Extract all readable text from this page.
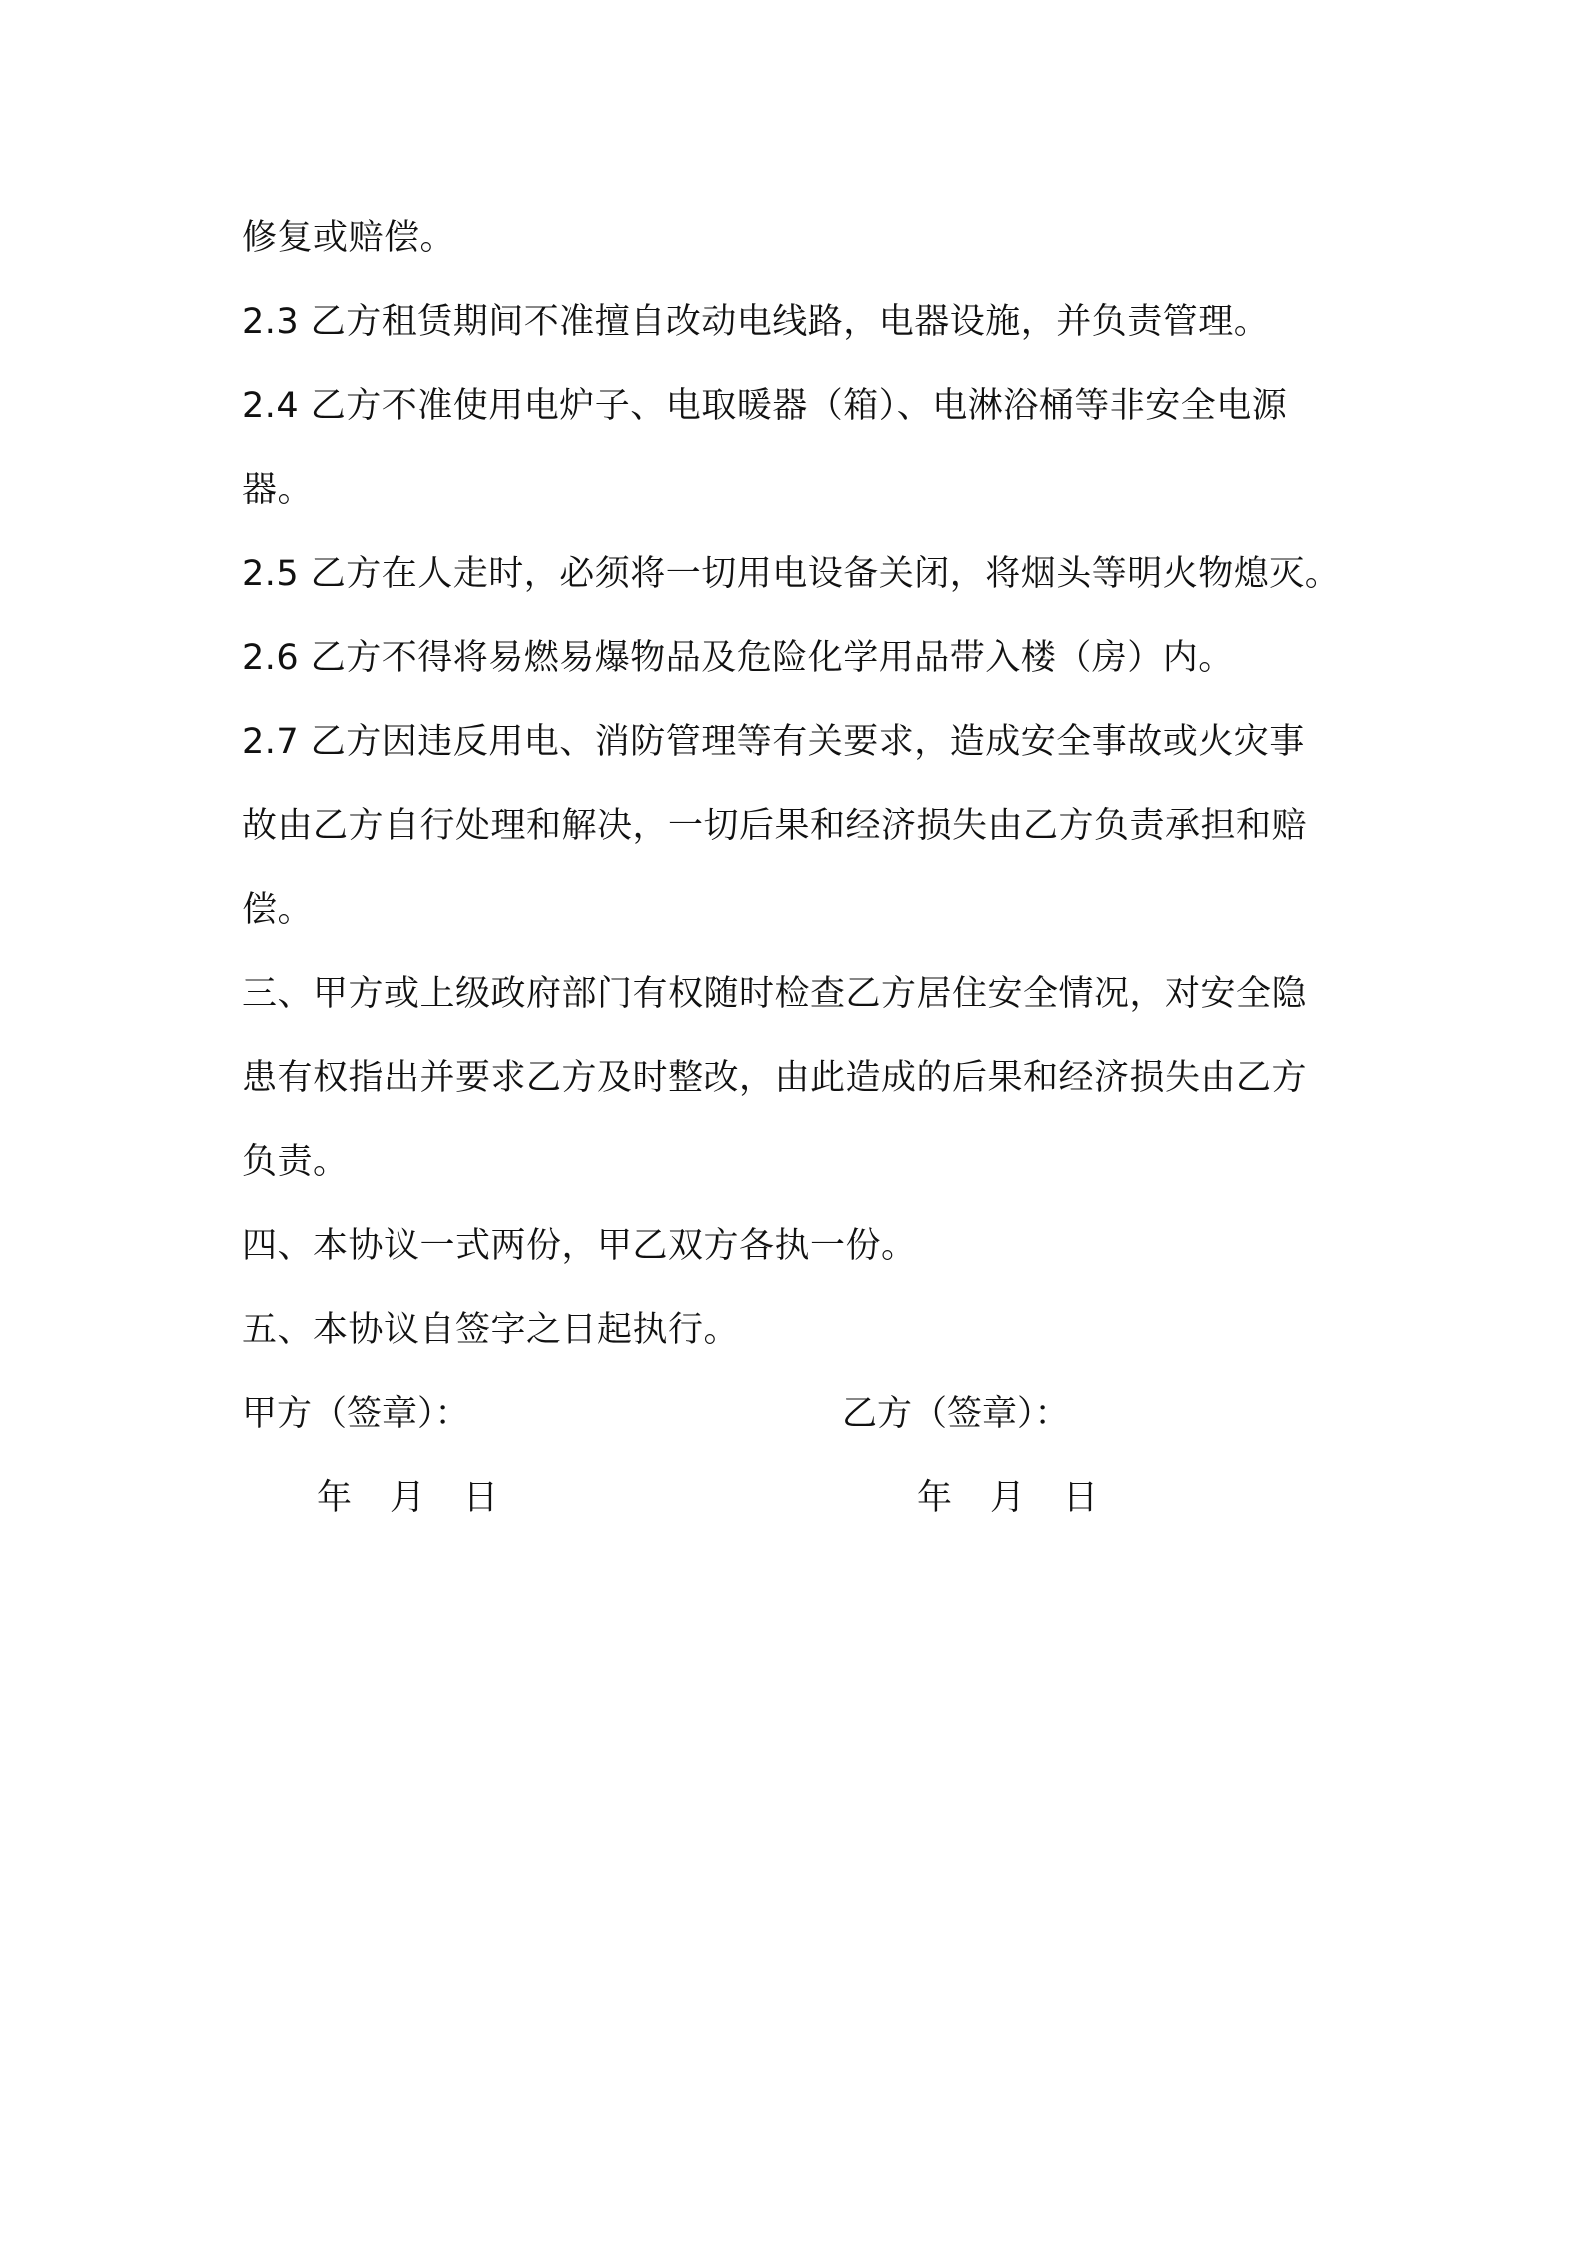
修复或赔偿。
2.3 乙方租赁期间不准擅自改动电线路，电器设施，并负责管理。
2.4 乙方不准使用电炉子、电取暖器（箱）、电淋浴桶等非安全电源
器。
2.5 乙方在人走时，必须将一切用电设备关闭，将烟头等明火物熄灭。
2.6 乙方不得将易燃易爆物品及危险化学用品带入楼（房）内。
2.7 乙方因违反用电、消防管理等有关要求，造成安全事故或火灾事
故由乙方自行处理和解决，一切后果和经济损失由乙方负责承担和赔
偿。
三、甲方或上级政府部门有权随时检查乙方居住安全情况，对安全隐
患有权指出并要求乙方及时整改，由此造成的后果和经济损失由乙方
负责。
四、本协议一式两份，甲乙双方各执一份。
五、本协议自签字之日起执行。
甲方（签章）：	乙方（签章）：
年 月 日	年 月 日
